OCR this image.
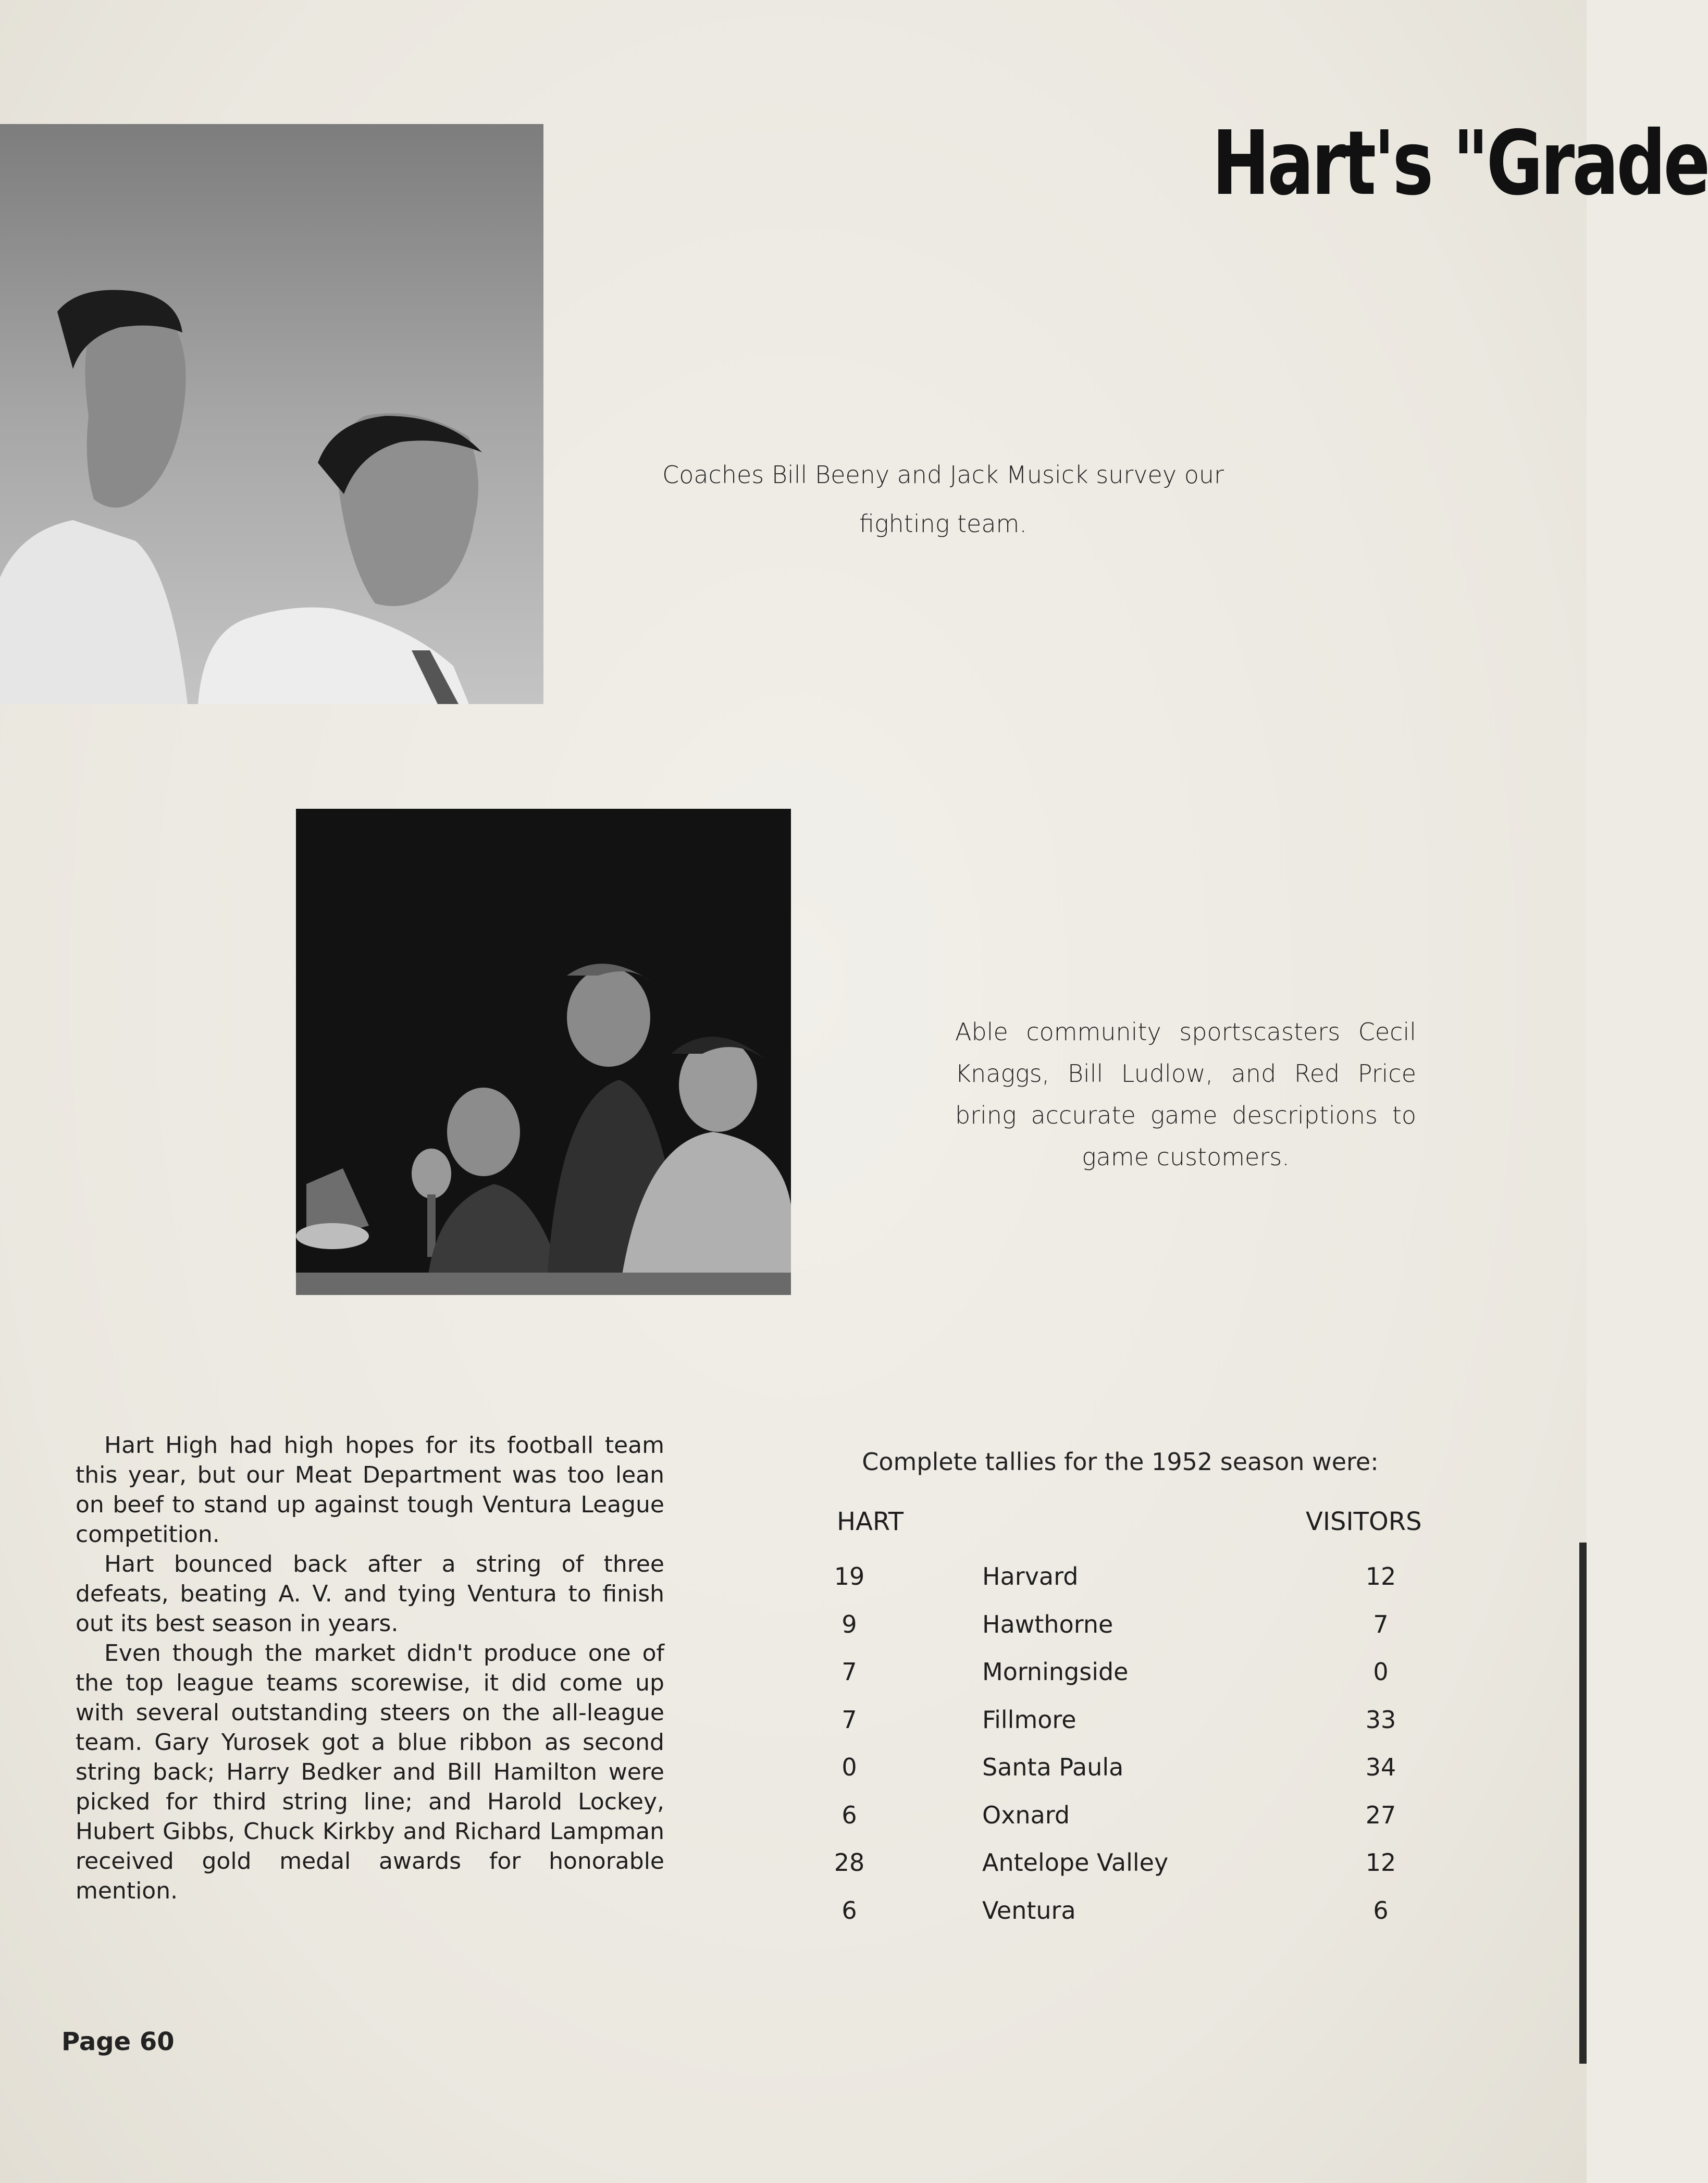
Hart's "Grade
Coaches Bill Beeny and Jack Musick survey our fighting team.
Able community sportscasters Cecil Knaggs, Bill Ludlow, and Red Price bring accurate game descriptions to game customers.

Hart High had high hopes for its football team this year, but our Meat Department was too lean on beef to stand up against tough Ventura League competition.

Hart bounced back after a string of three defeats, beating A. V. and tying Ventura to finish out its best season in years.

Even though the market didn't produce one of the top league teams scorewise, it did come up with several outstanding steers on the all-league team. Gary Yurosek got a blue ribbon as second string back; Harry Bedker and Bill Hamilton were picked for third string line; and Harold Lockey, Hubert Gibbs, Chuck Kirkby and Richard Lampman received gold medal awards for honorable mention.

Complete tallies for the 1952 season were:
HART	VISITORS
19	Harvard	12
9	Hawthorne	7
7	Morningside	0
7	Fillmore	33
0	Santa Paula	34
6	Oxnard	27
28	Antelope Valley	12
6	Ventura	6
Page 60
